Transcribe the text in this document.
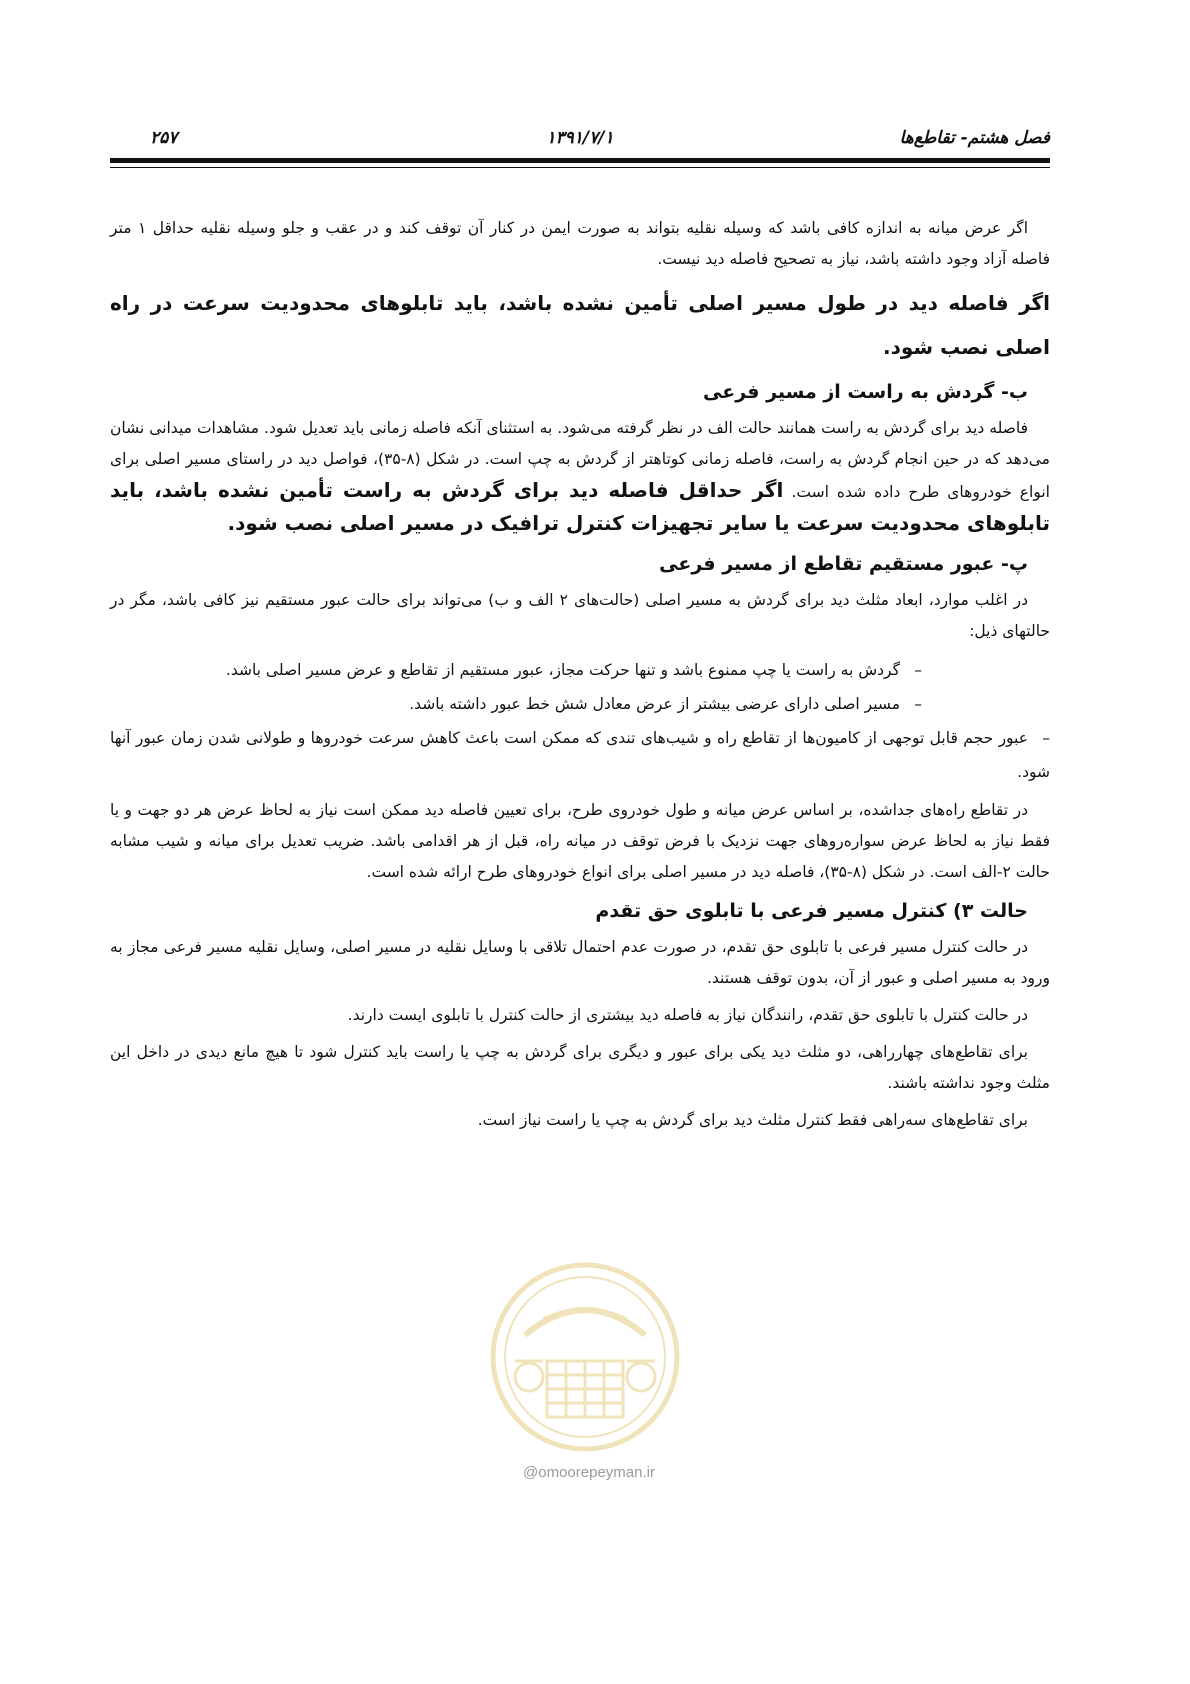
فصل هشتم- تقاطع‌ها
۱۳۹۱/۷/۱
۲۵۷

اگر عرض میانه به اندازه کافی باشد که وسیله نقلیه بتواند به صورت ایمن در کنار آن توقف کند و در عقب و جلو وسیله نقلیه حداقل ۱ متر فاصله آزاد وجود داشته باشد، نیاز به تصحیح فاصله دید نیست.

اگر فاصله دید در طول مسیر اصلی تأمین نشده باشد، باید تابلوهای محدودیت سرعت در راه اصلی نصب شود.

ب- گردش به راست از مسیر فرعی

فاصله دید برای گردش به راست همانند حالت الف در نظر گرفته می‌شود. به استثنای آنکه فاصله زمانی باید تعدیل شود. مشاهدات میدانی نشان می‌دهد که در حین انجام گردش به راست، فاصله زمانی کوتاهتر از گردش به چپ است. در شکل (۸-۳۵)، فواصل دید در راستای مسیر اصلی برای انواع خودروهای طرح داده شده است. اگر حداقل فاصله دید برای گردش به راست تأمین نشده باشد، باید تابلوهای محدودیت سرعت یا سایر تجهیزات کنترل ترافیک در مسیر اصلی نصب شود.

پ- عبور مستقیم تقاطع از مسیر فرعی

در اغلب موارد، ابعاد مثلث دید برای گردش به مسیر اصلی (حالت‌های ۲ الف و ب) می‌تواند برای حالت عبور مستقیم نیز کافی باشد، مگر در حالتهای ذیل:

–گردش به راست یا چپ ممنوع باشد و تنها حرکت مجاز، عبور مستقیم از تقاطع و عرض مسیر اصلی باشد.
–مسیر اصلی دارای عرضی بیشتر از عرض معادل شش خط عبور داشته باشد.
–عبور حجم قابل توجهی از کامیون‌ها از تقاطع راه و شیب‌های تندی که ممکن است باعث کاهش سرعت خودروها و طولانی شدن زمان عبور آنها شود.

در تقاطع راه‌های جداشده، بر اساس عرض میانه و طول خودروی طرح، برای تعیین فاصله دید ممکن است نیاز به لحاظ عرض هر دو جهت و یا فقط نیاز به لحاظ عرض سواره‌روهای جهت نزدیک با فرض توقف در میانه راه، قبل از هر اقدامی باشد. ضریب تعدیل برای میانه و شیب مشابه حالت ۲-الف است. در شکل (۸-۳۵)، فاصله دید در مسیر اصلی برای انواع خودروهای طرح ارائه شده است.

حالت ۳) کنترل مسیر فرعی با تابلوی حق تقدم

در حالت کنترل مسیر فرعی با تابلوی حق تقدم، در صورت عدم احتمال تلاقی با وسایل نقلیه در مسیر اصلی، وسایل نقلیه مسیر فرعی مجاز به ورود به مسیر اصلی و عبور از آن، بدون توقف هستند.

در حالت کنترل با تابلوی حق تقدم، رانندگان نیاز به فاصله دید بیشتری از حالت کنترل با تابلوی ایست دارند.

برای تقاطع‌های چهارراهی، دو مثلث دید یکی برای عبور و دیگری برای گردش به چپ یا راست باید کنترل شود تا هیچ مانع دیدی در داخل این مثلث وجود نداشته باشند.

برای تقاطع‌های سه‌راهی فقط کنترل مثلث دید برای گردش به چپ یا راست نیاز است.

@omoorepeyman.ir
